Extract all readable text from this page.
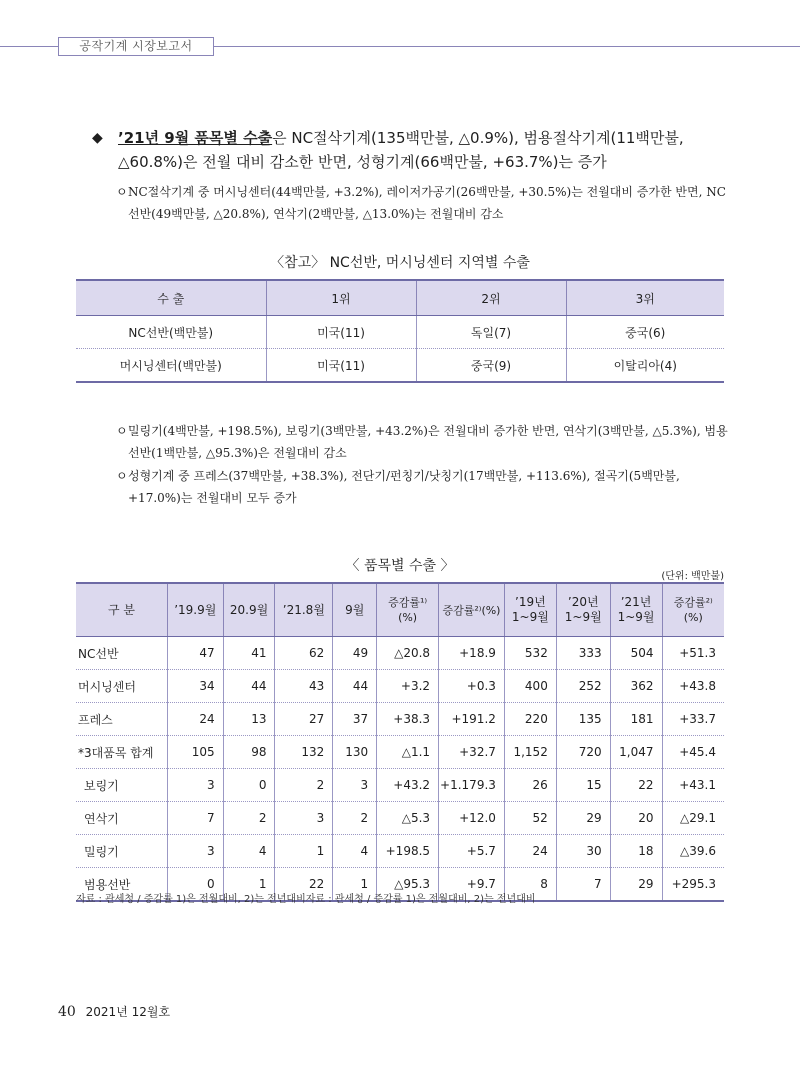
공작기계 시장보고서
◆ ’21년 9월 품목별 수출은 NC절삭기계(135백만불, △0.9%), 범용절삭기계(11백만불, △60.8%)은 전월 대비 감소한 반면, 성형기계(66백만불, +63.7%)는 증가
ㅇ NC절삭기계 중 머시닝센터(44백만불, +3.2%), 레이저가공기(26백만불, +30.5%)는 전월대비 증가한 반면, NC선반(49백만불, △20.8%), 연삭기(2백만불, △13.0%)는 전월대비 감소
〈참고〉 NC선반, 머시닝센터 지역별 수출
수 출	1위	2위	3위
NC선반(백만불)	미국(11)	독일(7)	중국(6)
머시닝센터(백만불)	미국(11)	중국(9)	이탈리아(4)
ㅇ 밀링기(4백만불, +198.5%), 보링기(3백만불, +43.2%)은 전월대비 증가한 반면, 연삭기(3백만불, △5.3%), 범용선반(1백만불, △95.3%)은 전월대비 감소
ㅇ 성형기계 중 프레스(37백만불, +38.3%), 전단기/펀칭기/낫칭기(17백만불, +113.6%), 절곡기(5백만불, +17.0%)는 전월대비 모두 증가
〈 품목별 수출 〉
(단위: 백만불)
구 분	’19.9월	20.9월	’21.8월	9월	증감률¹⁾(%)	증감률²⁾(%)	’19년 1~9월	’20년 1~9월	’21년 1~9월	증감률²⁾(%)
NC선반	47	41	62	49	△20.8	+18.9	532	333	504	+51.3
머시닝센터	34	44	43	44	+3.2	+0.3	400	252	362	+43.8
프레스	24	13	27	37	+38.3	+191.2	220	135	181	+33.7
*3대품목 합계	105	98	132	130	△1.1	+32.7	1,152	720	1,047	+45.4
보링기	3	0	2	3	+43.2	+1.179.3	26	15	22	+43.1
연삭기	7	2	3	2	△5.3	+12.0	52	29	20	△29.1
밀링기	3	4	1	4	+198.5	+5.7	24	30	18	△39.6
범용선반	0	1	22	1	△95.3	+9.7	8	7	29	+295.3
자료 : 관세청 / 증감률 1)은 전월대비, 2)는 전년대비자료 : 관세청 / 증감률 1)은 전월대비, 2)는 전년대비
40 2021년 12월호
